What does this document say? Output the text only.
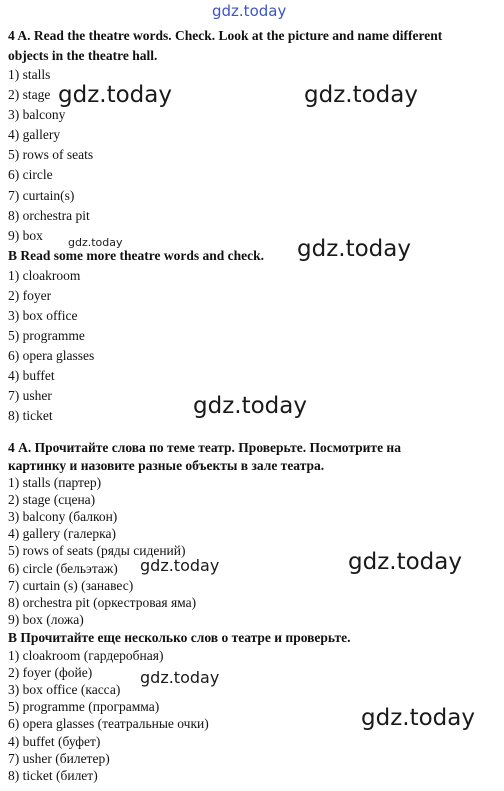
gdz.today
4 A. Read the theatre words. Check. Look at the picture and name different
objects in the theatre hall.
1) stalls
2) stage
3) balcony
4) gallery
5) rows of seats
6) circle
7) curtain(s)
8) orchestra pit
9) box
B Read some more theatre words and check.
1) cloakroom
2) foyer
3) box office
5) programme
6) opera glasses
4) buffet
7) usher
8) ticket
4 А. Прочитайте слова по теме театр. Проверьте. Посмотрите на
картинку и назовите разные объекты в зале театра.
1) stalls (партер)
2) stage (сцена)
3) balcony (балкон)
4) gallery (галерка)
5) rows of seats (ряды сидений)
6) circle (бельэтаж)
7) curtain (s) (занавес)
8) orchestra pit (оркестровая яма)
9) box (ложа)
В Прочитайте еще несколько слов о театре и проверьте.
1) cloakroom (гардеробная)
2) foyer (фойе)
3) box office (касса)
5) programme (программа)
6) opera glasses (театральные очки)
4) buffet (буфет)
7) usher (билетер)
8) ticket (билет)
gdz.today	gdz.today
gdz.today	gdz.today
gdz.today
gdz.today	gdz.today
gdz.today
gdz.today
